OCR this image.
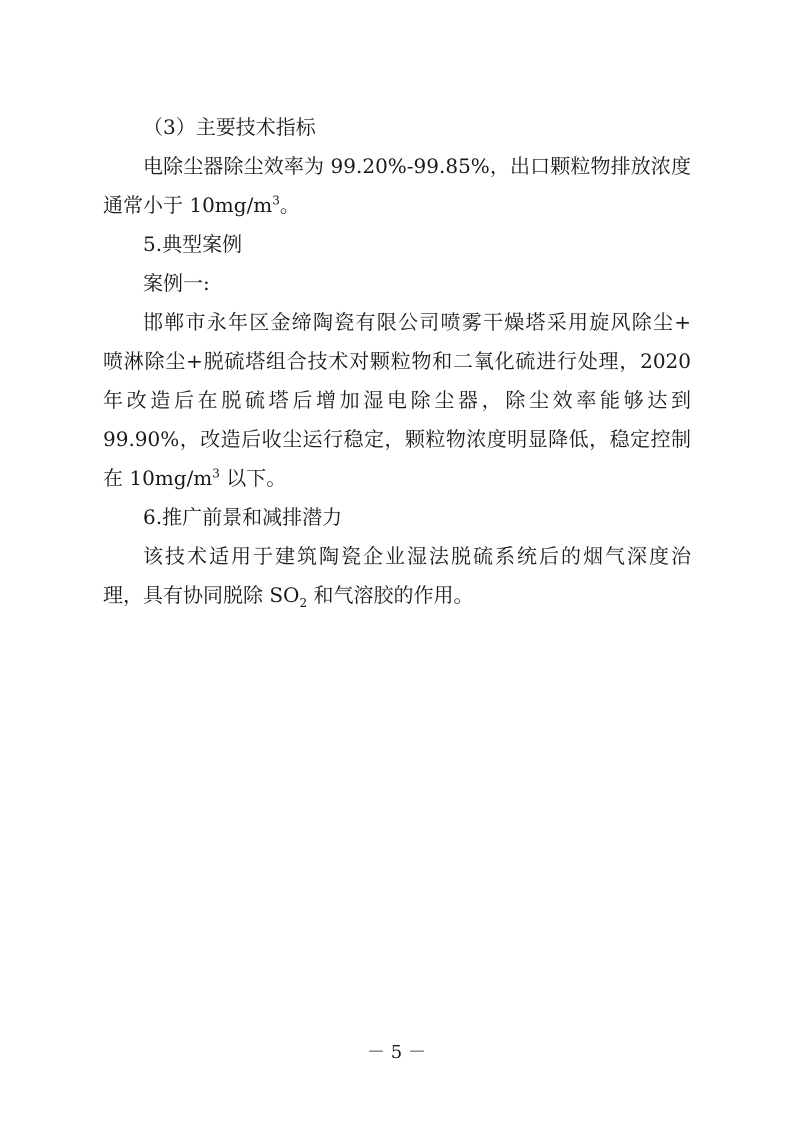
（3）主要技术指标

电除尘器除尘效率为 99.20%-99.85%，出口颗粒物排放浓度

通常小于 $10mg/m^3$。

5.典型案例

案例一:

邯郸市永年区金缔陶瓷有限公司喷雾干燥塔采用旋风除尘+

喷淋除尘+脱硫塔组合技术对颗粒物和二氧化硫进行处理，2020

年改造后在脱硫塔后增加湿电除尘器，除尘效率能够达到

99.90%，改造后收尘运行稳定，颗粒物浓度明显降低，稳定控制

在 $10mg/m^3$ 以下。

6.推广前景和减排潜力

该技术适用于建筑陶瓷企业湿法脱硫系统后的烟气深度治

理，具有协同脱除 $SO_2$ 和气溶胶的作用。

－ 5 －
